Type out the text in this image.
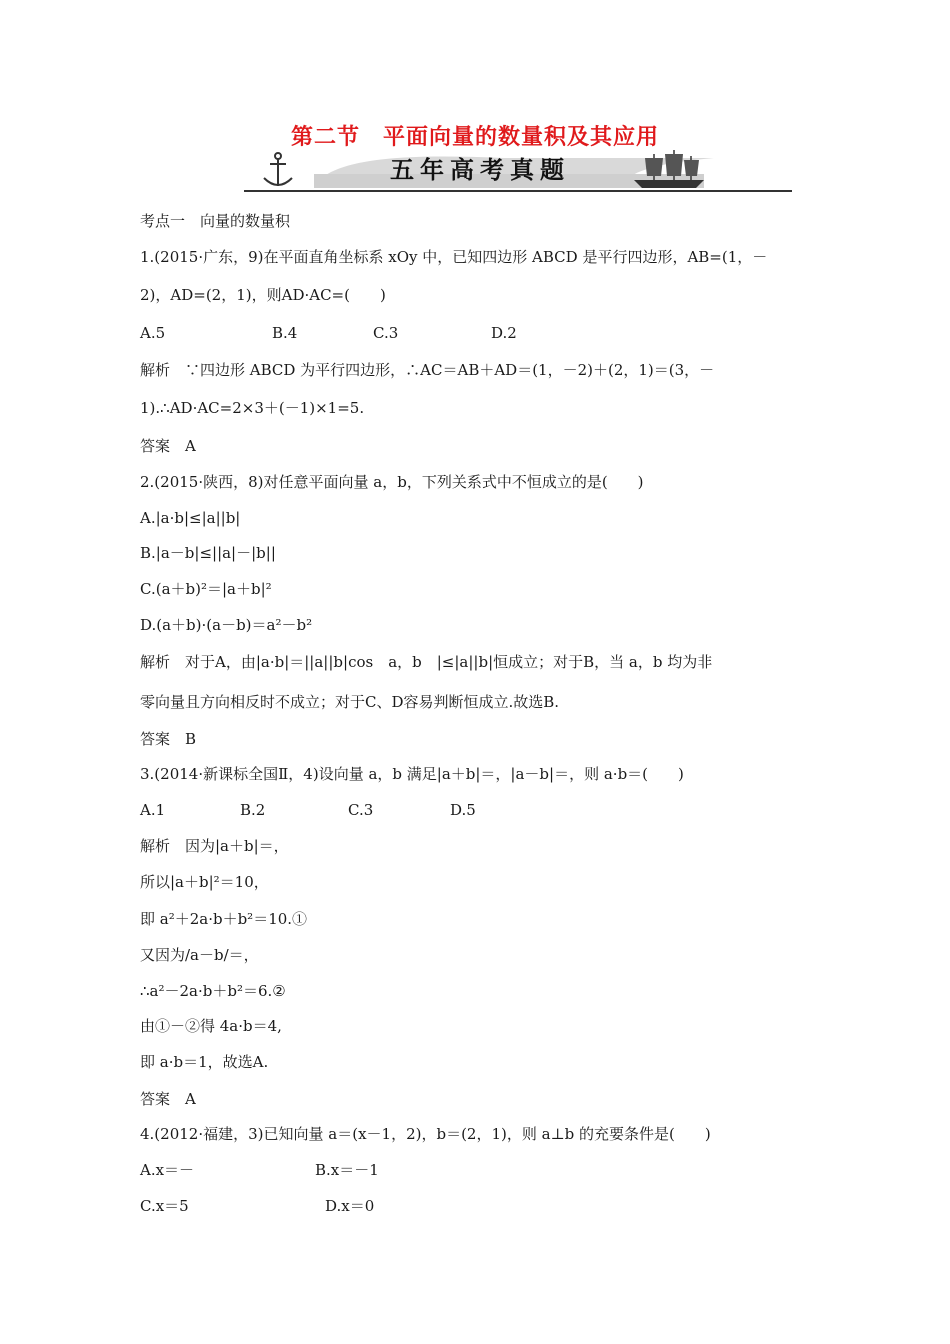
第二节　平面向量的数量积及其应用
五年高考真题
考点一　向量的数量积
1.(2015·广东，9)在平面直角坐标系 xOy 中，已知四边形 ABCD 是平行四边形，AB=(1，－
2)，AD=(2，1)，则AD·AC=(　　)
A.5	B.4	C.3	D.2
解析　∵四边形 ABCD 为平行四边形，∴AC＝AB＋AD＝(1，－2)＋(2，1)＝(3，－
1).∴AD·AC=2×3＋(－1)×1=5.
答案　A
2.(2015·陕西，8)对任意平面向量 a，b，下列关系式中不恒成立的是(　　)
A.|a·b|≤|a||b|
B.|a－b|≤||a|－|b||
C.(a＋b)²＝|a＋b|²
D.(a＋b)·(a－b)＝a²－b²
解析　对于A，由|a·b|＝||a||b|cos　a，b　|≤|a||b|恒成立；对于B，当 a，b 均为非
零向量且方向相反时不成立；对于C、D容易判断恒成立.故选B.
答案　B
3.(2014·新课标全国Ⅱ，4)设向量 a，b 满足|a＋b|＝，|a－b|＝，则 a·b＝(　　)
A.1	B.2	C.3	D.5
解析　因为|a＋b|＝，
所以|a＋b|²＝10，
即 a²＋2a·b＋b²＝10.①
又因为/a－b/＝，
∴a²－2a·b＋b²＝6.②
由①－②得 4a·b＝4,
即 a·b＝1，故选A.
答案　A
4.(2012·福建，3)已知向量 a＝(x－1，2)，b＝(2，1)，则 a⊥b 的充要条件是(　　)
A.x＝－	B.x＝－1
C.x＝5	D.x＝0
